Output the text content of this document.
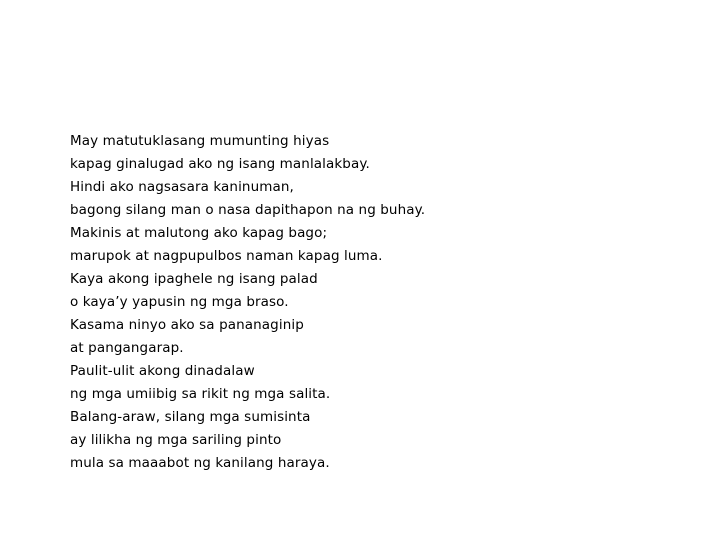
May matutuklasang mumunting hiyas
kapag ginalugad ako ng isang manlalakbay.
Hindi ako nagsasara kaninuman,
bagong silang man o nasa dapithapon na ng buhay.
Makinis at malutong ako kapag bago;
marupok at nagpupulbos naman kapag luma.
Kaya akong ipaghele ng isang palad
o kaya’y yapusin ng mga braso.
Kasama ninyo ako sa pananaginip
at pangangarap.
Paulit-ulit akong dinadalaw
ng mga umiibig sa rikit ng mga salita.
Balang-araw, silang mga sumisinta
ay lilikha ng mga sariling pinto
mula sa maaabot ng kanilang haraya.
